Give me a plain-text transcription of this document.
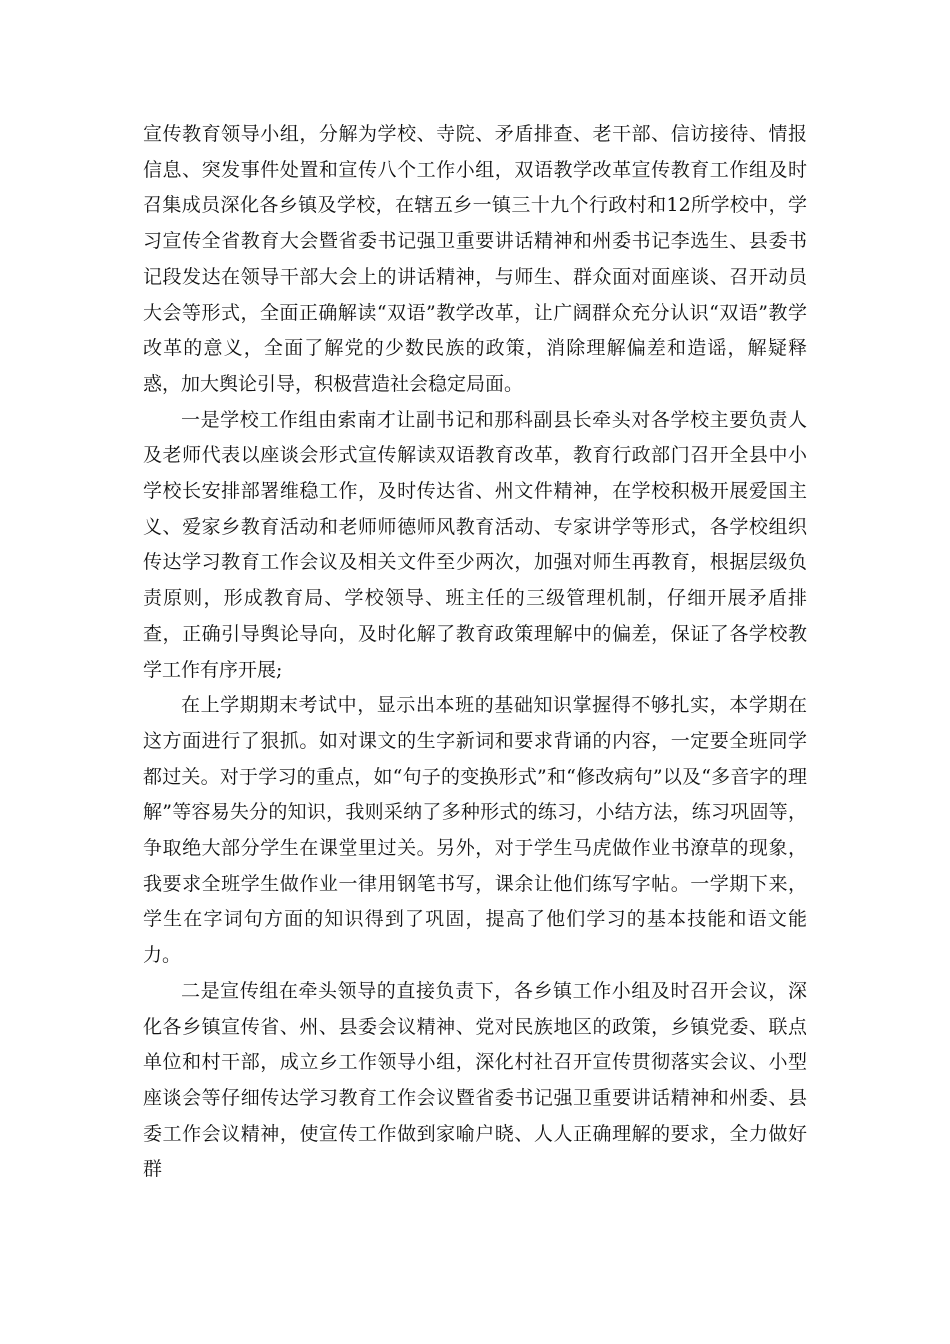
宣传教育领导小组，分解为学校、寺院、矛盾排查、老干部、信访接待、情报信息、突发事件处置和宣传八个工作小组，双语教学改革宣传教育工作组及时召集成员深化各乡镇及学校，在辖五乡一镇三十九个行政村和12所学校中，学习宣传全省教育大会暨省委书记强卫重要讲话精神和州委书记李选生、县委书记段发达在领导干部大会上的讲话精神，与师生、群众面对面座谈、召开动员大会等形式，全面正确解读“双语”教学改革，让广阔群众充分认识“双语”教学改革的意义，全面了解党的少数民族的政策，消除理解偏差和造谣，解疑释惑，加大舆论引导，积极营造社会稳定局面。

一是学校工作组由索南才让副书记和那科副县长牵头对各学校主要负责人及老师代表以座谈会形式宣传解读双语教育改革，教育行政部门召开全县中小学校长安排部署维稳工作，及时传达省、州文件精神，在学校积极开展爱国主义、爱家乡教育活动和老师师德师风教育活动、专家讲学等形式，各学校组织传达学习教育工作会议及相关文件至少两次，加强对师生再教育，根据层级负责原则，形成教育局、学校领导、班主任的三级管理机制，仔细开展矛盾排查，正确引导舆论导向，及时化解了教育政策理解中的偏差，保证了各学校教学工作有序开展;

在上学期期末考试中，显示出本班的基础知识掌握得不够扎实，本学期在这方面进行了狠抓。如对课文的生字新词和要求背诵的内容，一定要全班同学都过关。对于学习的重点，如“句子的变换形式”和“修改病句”以及“多音字的理解”等容易失分的知识，我则采纳了多种形式的练习，小结方法，练习巩固等，争取绝大部分学生在课堂里过关。另外，对于学生马虎做作业书潦草的现象，我要求全班学生做作业一律用钢笔书写，课余让他们练写字帖。一学期下来，学生在字词句方面的知识得到了巩固，提高了他们学习的基本技能和语文能力。

二是宣传组在牵头领导的直接负责下，各乡镇工作小组及时召开会议，深化各乡镇宣传省、州、县委会议精神、党对民族地区的政策，乡镇党委、联点单位和村干部，成立乡工作领导小组，深化村社召开宣传贯彻落实会议、小型座谈会等仔细传达学习教育工作会议暨省委书记强卫重要讲话精神和州委、县委工作会议精神，使宣传工作做到家喻户晓、人人正确理解的要求，全力做好群
